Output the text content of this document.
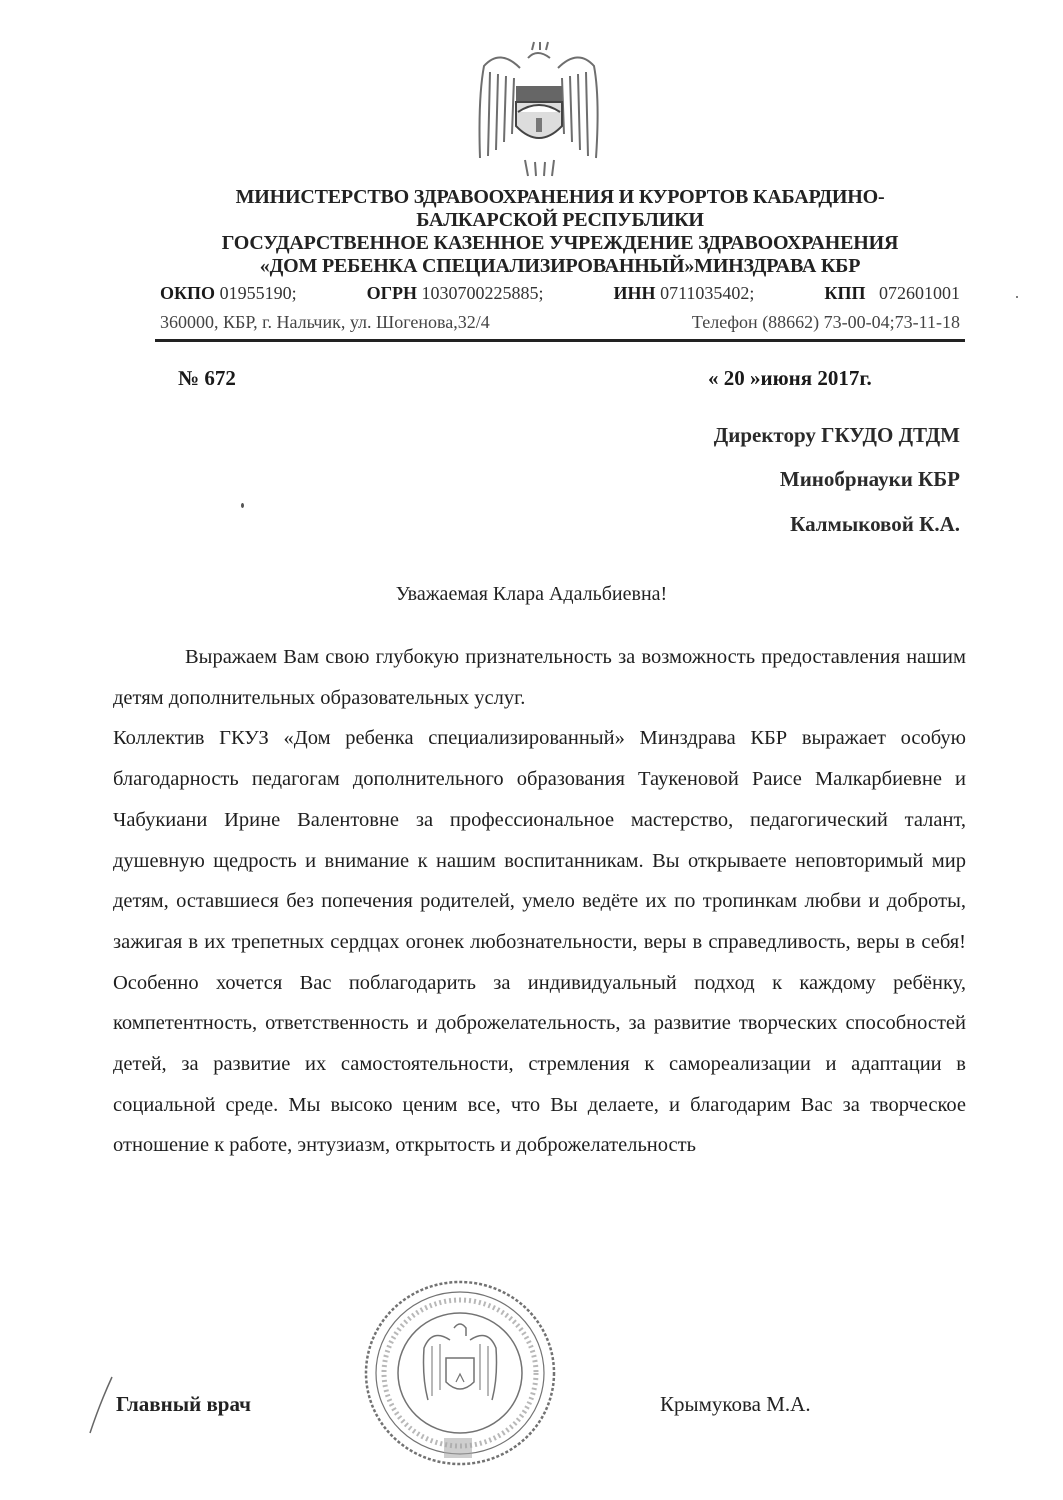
МИНИСТЕРСТВО ЗДРАВООХРАНЕНИЯ И КУРОРТОВ КАБАРДИНО-
БАЛКАРСКОЙ РЕСПУБЛИКИ
ГОСУДАРСТВЕННОЕ КАЗЕННОЕ УЧРЕЖДЕНИЕ ЗДРАВООХРАНЕНИЯ
«ДОМ РЕБЕНКА СПЕЦИАЛИЗИРОВАННЫЙ»МИНЗДРАВА КБР
ОКПО 01955190;	ОГРН 1030700225885;	ИНН 0711035402;	КПП 072601001
360000, КБР, г. Нальчик, ул. Шогенова,32/4	Телефон (88662) 73-00-04;73-11-18
№ 672	« 20 »июня 2017г.
Директору ГКУДО ДТДМ
Минобрнауки КБР
Калмыковой К.А.
Уважаемая Клара Адальбиевна!

Выражаем Вам свою глубокую признательность за возможность предоставления нашим детям дополнительных образовательных услуг.

Коллектив ГКУЗ «Дом ребенка специализированный» Минздрава КБР выражает особую благодарность педагогам дополнительного образования Таукеновой Раисе Малкарбиевне и Чабукиани Ирине Валентовне за профессиональное мастерство, педагогический талант, душевную щедрость и внимание к нашим воспитанникам. Вы открываете неповторимый мир детям, оставшиеся без попечения родителей, умело ведёте их по тропинкам любви и доброты, зажигая в их трепетных сердцах огонек любознательности, веры в справедливость, веры в себя! Особенно хочется Вас поблагодарить за индивидуальный подход к каждому ребёнку, компетентность, ответственность и доброжелательность, за развитие творческих способностей детей, за развитие их самостоятельности, стремления к самореализации и адаптации в социальной среде. Мы высоко ценим все, что Вы делаете, и благодарим Вас за творческое отношение к работе, энтузиазм, открытость и доброжелательность

Главный врач	Крымукова М.А.
